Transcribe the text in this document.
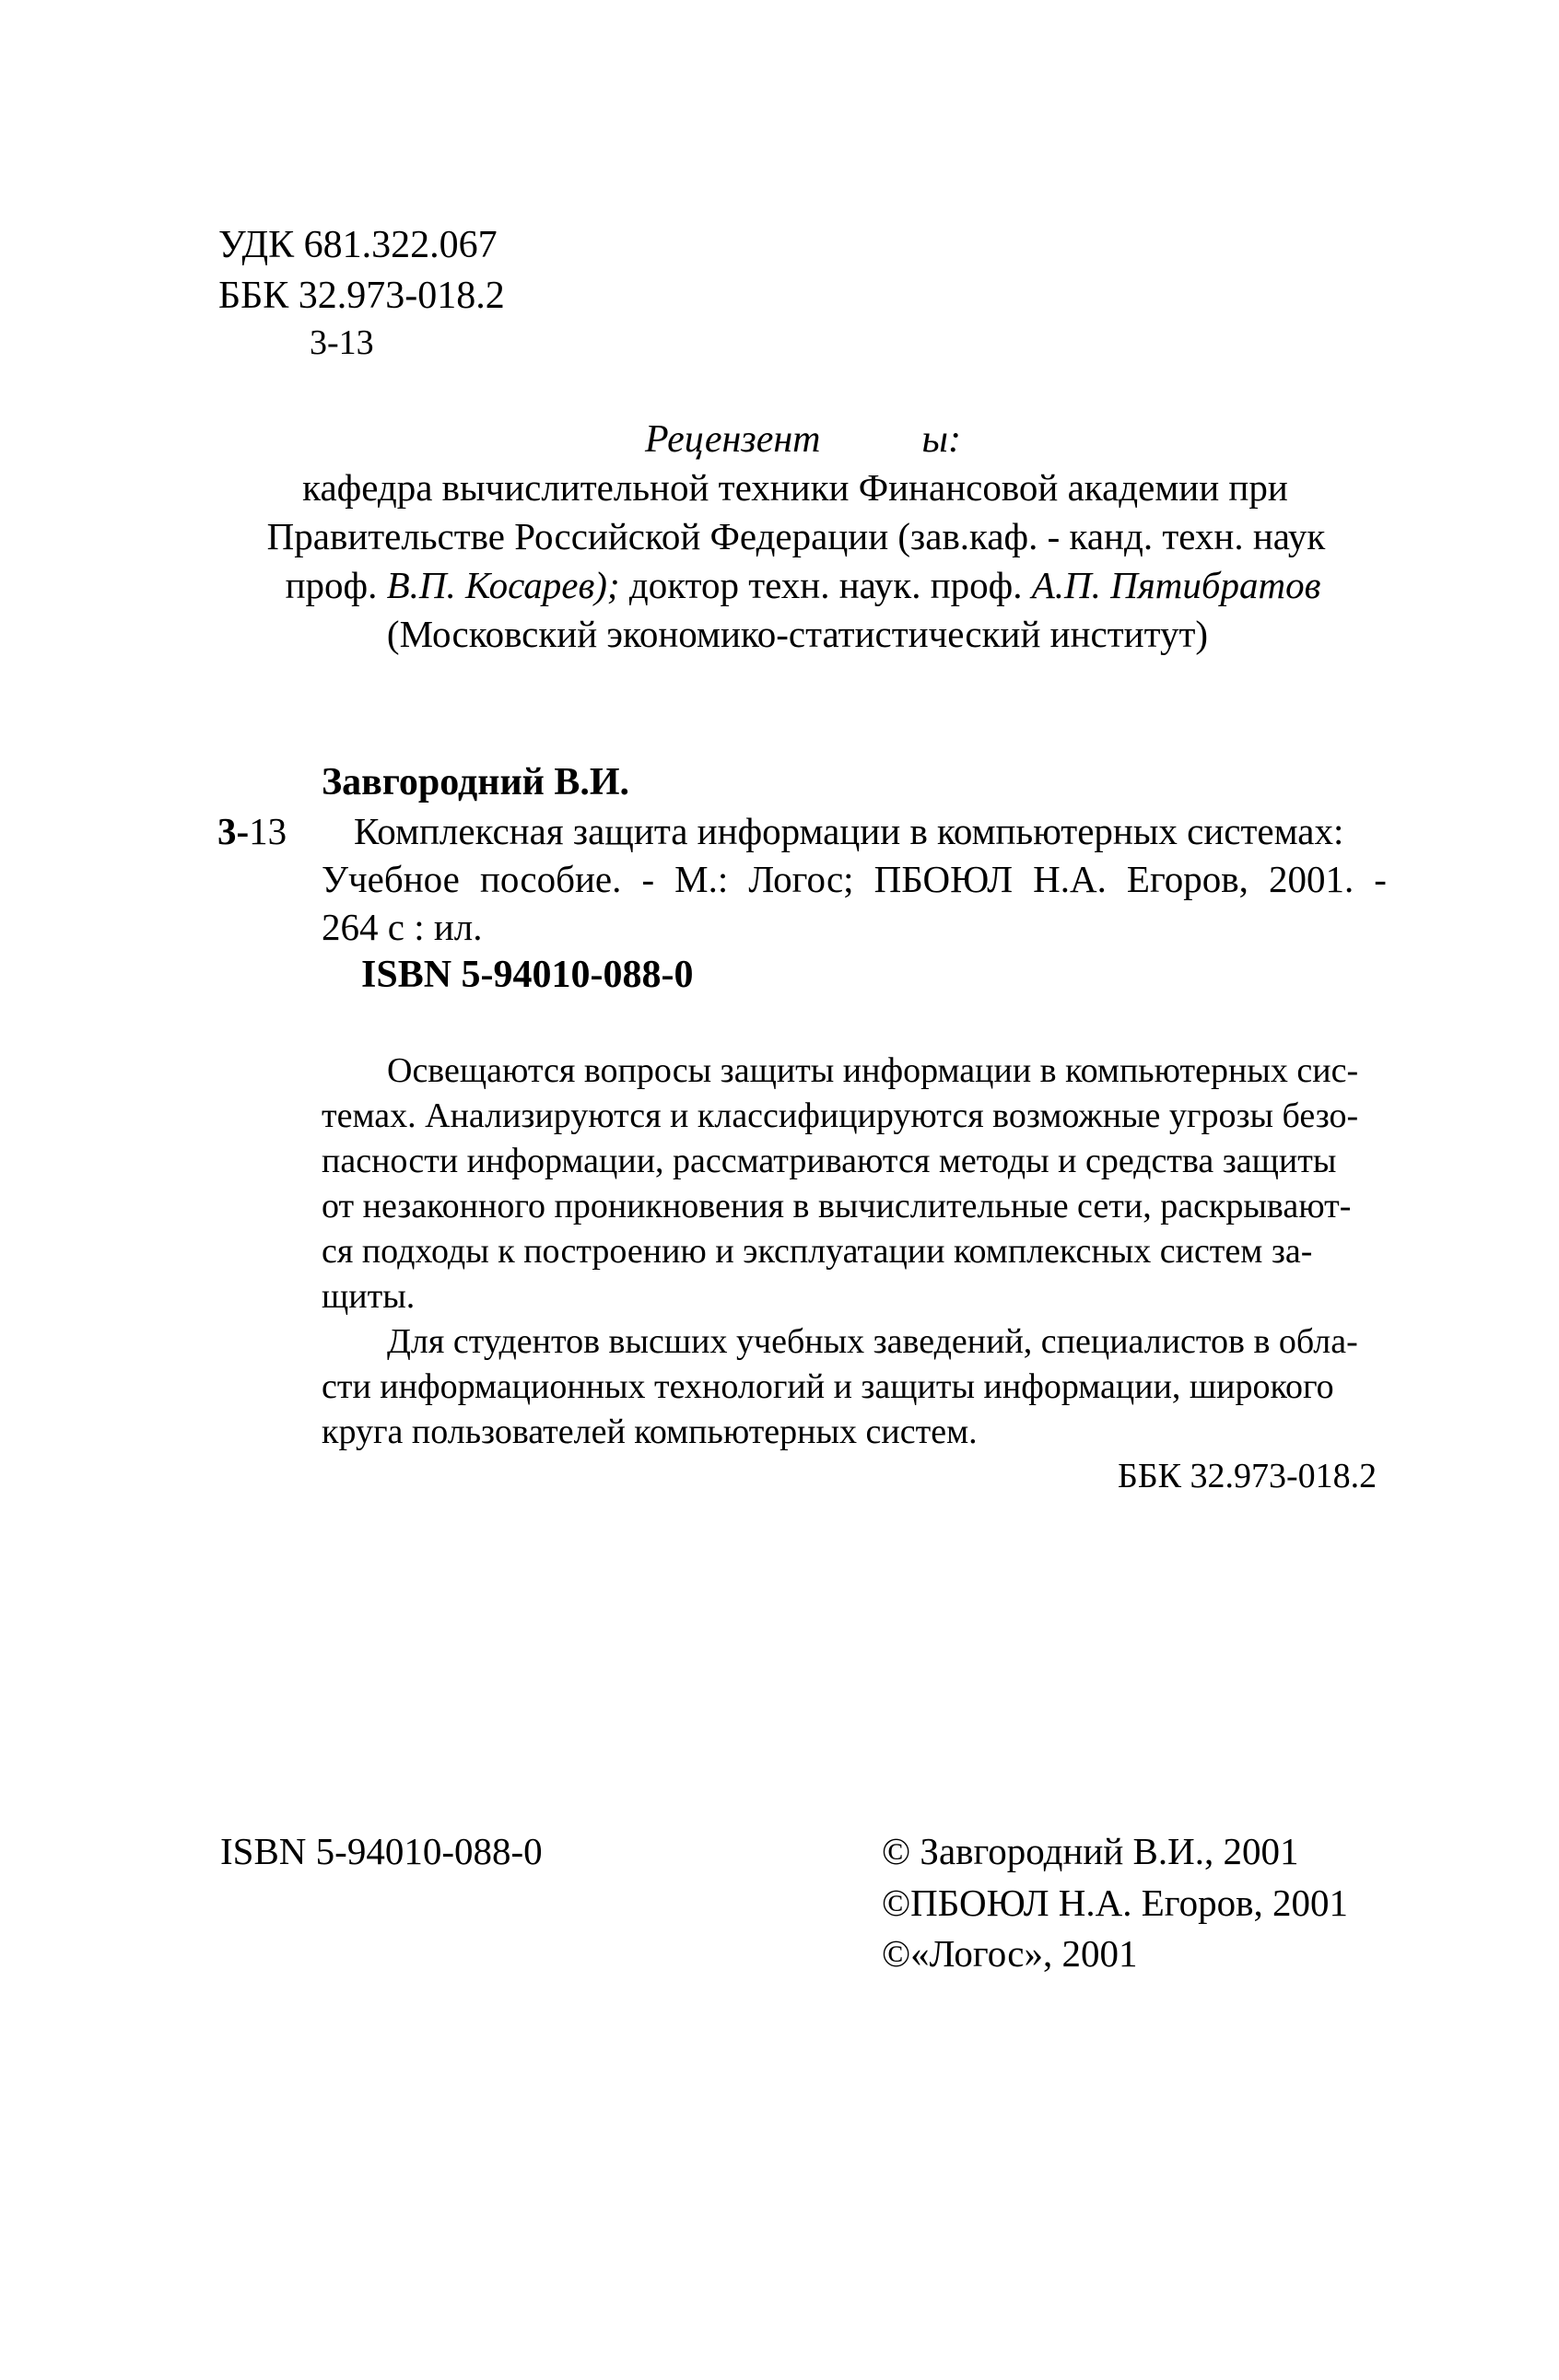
УДК 681.322.067
ББК 32.973-018.2
3-13
Рецензент	ы:
кафедра вычислительной техники Финансовой академии при
Правительстве Российской Федерации (зав.каф. - канд. техн. наук
проф. В.П. Косарев); доктор техн. наук. проф. А.П. Пятибратов
(Московский экономико-статистический институт)
Завгородний В.И.
3-13 Комплексная защита информации в компьютерных системах:
Учебное пособие. - М.: Логос; ПБОЮЛ Н.А. Егоров, 2001. -
264 с : ил.
ISBN 5-94010-088-0
Освещаются вопросы защиты информации в компьютерных сис-
темах. Анализируются и классифицируются возможные угрозы безо-
пасности информации, рассматриваются методы и средства защиты
от незаконного проникновения в вычислительные сети, раскрывают-
ся подходы к построению и эксплуатации комплексных систем за-
щиты.
Для студентов высших учебных заведений, специалистов в обла-
сти информационных технологий и защиты информации, широкого
круга пользователей компьютерных систем.
ББК 32.973-018.2
ISBN 5-94010-088-0	© Завгородний В.И., 2001
©ПБОЮЛ Н.А. Егоров, 2001
©«Логос», 2001
